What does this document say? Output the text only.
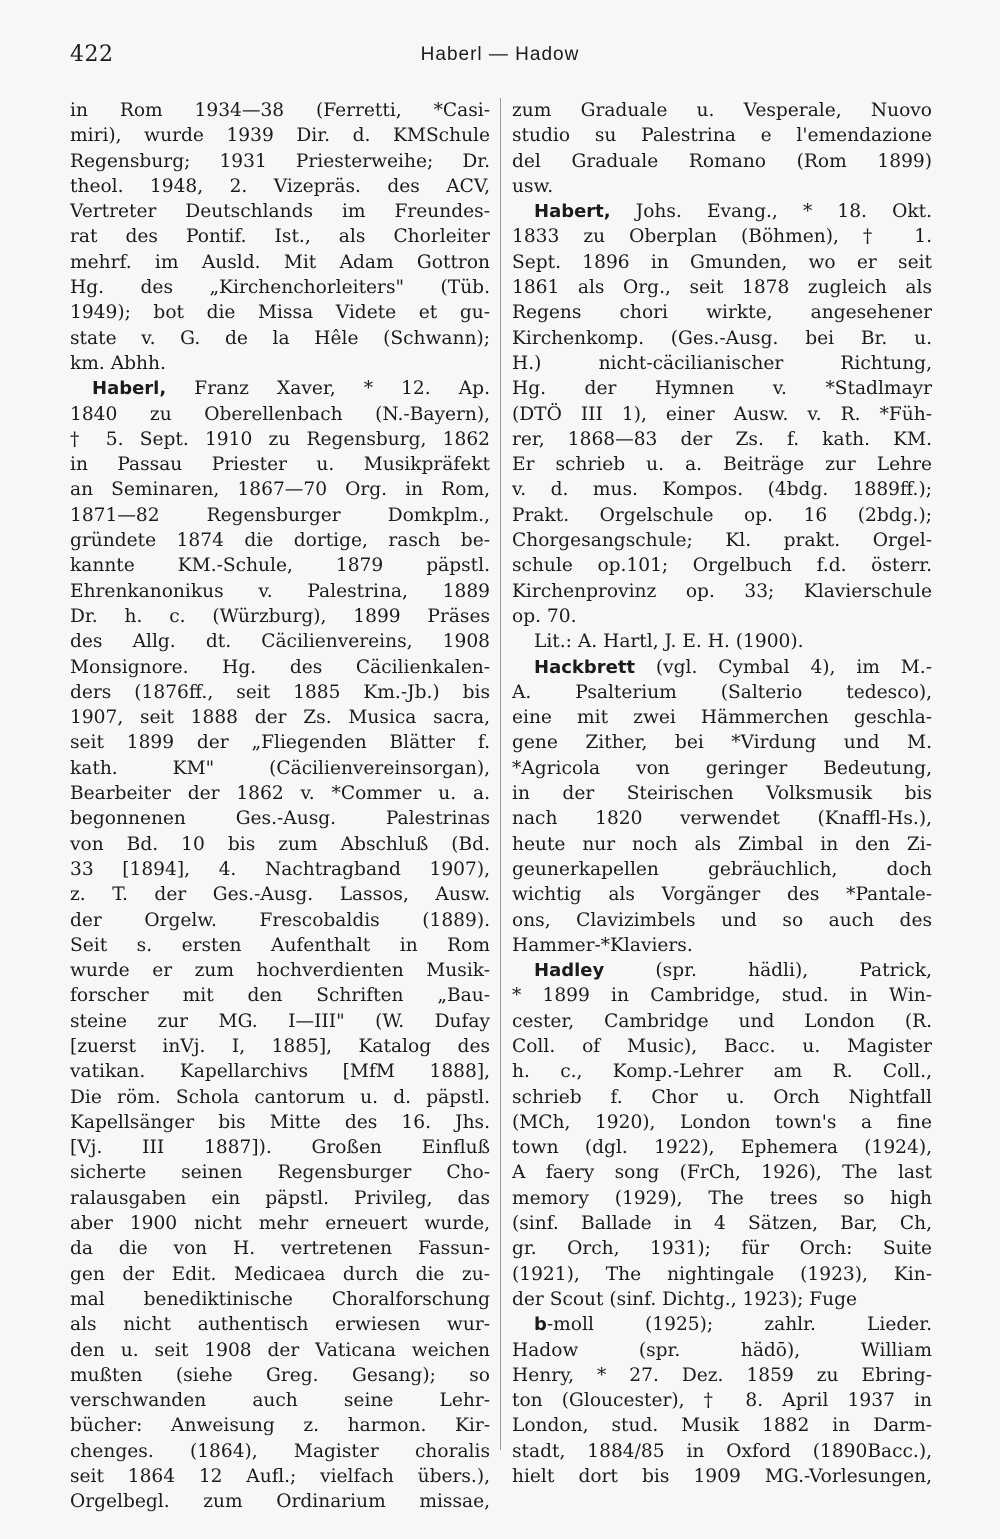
422	Haberl — Hadow
in Rom 1934—38 (Ferretti, *Casi-
miri), wurde 1939 Dir. d. KMSchule
Regensburg; 1931 Priesterweihe; Dr.
theol. 1948, 2. Vizepräs. des ACV,
Vertreter Deutschlands im Freundes-
rat des Pontif. Ist., als Chorleiter
mehrf. im Ausld. Mit Adam Gottron
Hg. des „Kirchenchorleiters" (Tüb.
1949); bot die Missa Videte et gu-
state v. G. de la Hêle (Schwann);
km. Abhh.
Haberl, Franz Xaver, * 12. Ap.
1840 zu Oberellenbach (N.-Bayern),
† 5. Sept. 1910 zu Regensburg, 1862
in Passau Priester u. Musikpräfekt
an Seminaren, 1867—70 Org. in Rom,
1871—82 Regensburger Domkplm.,
gründete 1874 die dortige, rasch be-
kannte KM.-Schule, 1879 päpstl.
Ehrenkanonikus v. Palestrina, 1889
Dr. h. c. (Würzburg), 1899 Präses
des Allg. dt. Cäcilienvereins, 1908
Monsignore. Hg. des Cäcilienkalen-
ders (1876ff., seit 1885 Km.-Jb.) bis
1907, seit 1888 der Zs. Musica sacra,
seit 1899 der „Fliegenden Blätter f.
kath. KM" (Cäcilienvereinsorgan),
Bearbeiter der 1862 v. *Commer u. a.
begonnenen Ges.-Ausg. Palestrinas
von Bd. 10 bis zum Abschluß (Bd.
33 [1894], 4. Nachtragband 1907),
z. T. der Ges.-Ausg. Lassos, Ausw.
der Orgelw. Frescobaldis (1889).
Seit s. ersten Aufenthalt in Rom
wurde er zum hochverdienten Musik-
forscher mit den Schriften „Bau-
steine zur MG. I—III" (W. Dufay
[zuerst inVj. I, 1885], Katalog des
vatikan. Kapellarchivs [MfM 1888],
Die röm. Schola cantorum u. d. päpstl.
Kapellsänger bis Mitte des 16. Jhs.
[Vj. III 1887]). Großen Einfluß
sicherte seinen Regensburger Cho-
ralausgaben ein päpstl. Privileg, das
aber 1900 nicht mehr erneuert wurde,
da die von H. vertretenen Fassun-
gen der Edit. Medicaea durch die zu-
mal benediktinische Choralforschung
als nicht authentisch erwiesen wur-
den u. seit 1908 der Vaticana weichen
mußten (siehe Greg. Gesang); so
verschwanden auch seine Lehr-
bücher: Anweisung z. harmon. Kir-
chenges. (1864), Magister choralis
seit 1864 12 Aufl.; vielfach übers.),
Orgelbegl. zum Ordinarium missae,
zum Graduale u. Vesperale, Nuovo
studio su Palestrina e l'emendazione
del Graduale Romano (Rom 1899)
usw.
Habert, Johs. Evang., * 18. Okt.
1833 zu Oberplan (Böhmen), † 1.
Sept. 1896 in Gmunden, wo er seit
1861 als Org., seit 1878 zugleich als
Regens chori wirkte, angesehener
Kirchenkomp. (Ges.-Ausg. bei Br. u.
H.) nicht-cäcilianischer Richtung,
Hg. der Hymnen v. *Stadlmayr
(DTÖ III 1), einer Ausw. v. R. *Füh-
rer, 1868—83 der Zs. f. kath. KM.
Er schrieb u. a. Beiträge zur Lehre
v. d. mus. Kompos. (4bdg. 1889ff.);
Prakt. Orgelschule op. 16 (2bdg.);
Chorgesangschule; Kl. prakt. Orgel-
schule op.101; Orgelbuch f.d. österr.
Kirchenprovinz op. 33; Klavierschule
op. 70.
Lit.: A. Hartl, J. E. H. (1900).
Hackbrett (vgl. Cymbal 4), im M.-
A. Psalterium (Salterio tedesco),
eine mit zwei Hämmerchen geschla-
gene Zither, bei *Virdung und M.
*Agricola von geringer Bedeutung,
in der Steirischen Volksmusik bis
nach 1820 verwendet (Knaffl-Hs.),
heute nur noch als Zimbal in den Zi-
geunerkapellen gebräuchlich, doch
wichtig als Vorgänger des *Pantale-
ons, Clavizimbels und so auch des
Hammer-*Klaviers.
Hadley (spr. hädli), Patrick,
* 1899 in Cambridge, stud. in Win-
cester, Cambridge und London (R.
Coll. of Music), Bacc. u. Magister
h. c., Komp.-Lehrer am R. Coll.,
schrieb f. Chor u. Orch Nightfall
(MCh, 1920), London town's a fine
town (dgl. 1922), Ephemera (1924),
A faery song (FrCh, 1926), The last
memory (1929), The trees so high
(sinf. Ballade in 4 Sätzen, Bar, Ch,
gr. Orch, 1931); für Orch: Suite
(1921), The nightingale (1923), Kin-
der Scout (sinf. Dichtg., 1923); Fuge
b-moll (1925); zahlr. Lieder.
Hadow (spr. hädō), William
Henry, * 27. Dez. 1859 zu Ebring-
ton (Gloucester), † 8. April 1937 in
London, stud. Musik 1882 in Darm-
stadt, 1884/85 in Oxford (1890Bacc.),
hielt dort bis 1909 MG.-Vorlesungen,
